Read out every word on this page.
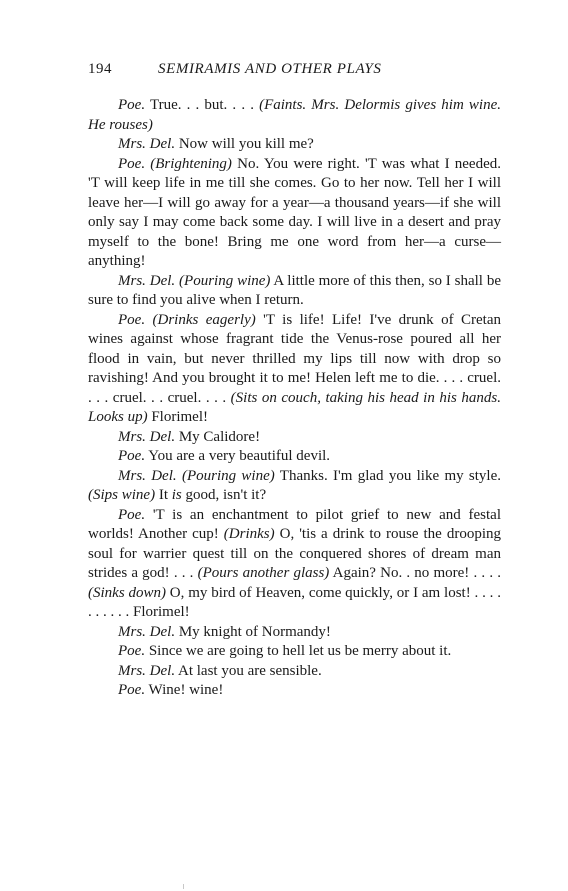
194	SEMIRAMIS AND OTHER PLAYS

Poe. True. . . but. . . . (Faints. Mrs. Delormis gives him wine. He rouses)

Mrs. Del. Now will you kill me?

Poe. (Brightening) No. You were right. 'T was what I needed. 'T will keep life in me till she comes. Go to her now. Tell her I will leave her—I will go away for a year—a thousand years—if she will only say I may come back some day. I will live in a desert and pray myself to the bone! Bring me one word from her—a curse—anything!

Mrs. Del. (Pouring wine) A little more of this then, so I shall be sure to find you alive when I return.

Poe. (Drinks eagerly) 'T is life! Life! I've drunk of Cretan wines against whose fragrant tide the Venus-rose poured all her flood in vain, but never thrilled my lips till now with drop so ravishing! And you brought it to me! Helen left me to die. . . . cruel. . . . cruel. . . cruel. . . . (Sits on couch, taking his head in his hands. Looks up) Florimel!

Mrs. Del. My Calidore!

Poe. You are a very beautiful devil.

Mrs. Del. (Pouring wine) Thanks. I'm glad you like my style. (Sips wine) It is good, isn't it?

Poe. 'T is an enchantment to pilot grief to new and festal worlds! Another cup! (Drinks) O, 'tis a drink to rouse the drooping soul for warrier quest till on the conquered shores of dream man strides a god! . . . (Pours another glass) Again? No. . no more! . . . . (Sinks down) O, my bird of Heaven, come quickly, or I am lost! . . . . . . . . . . Florimel!

Mrs. Del. My knight of Normandy!

Poe. Since we are going to hell let us be merry about it.

Mrs. Del. At last you are sensible.

Poe. Wine! wine!
